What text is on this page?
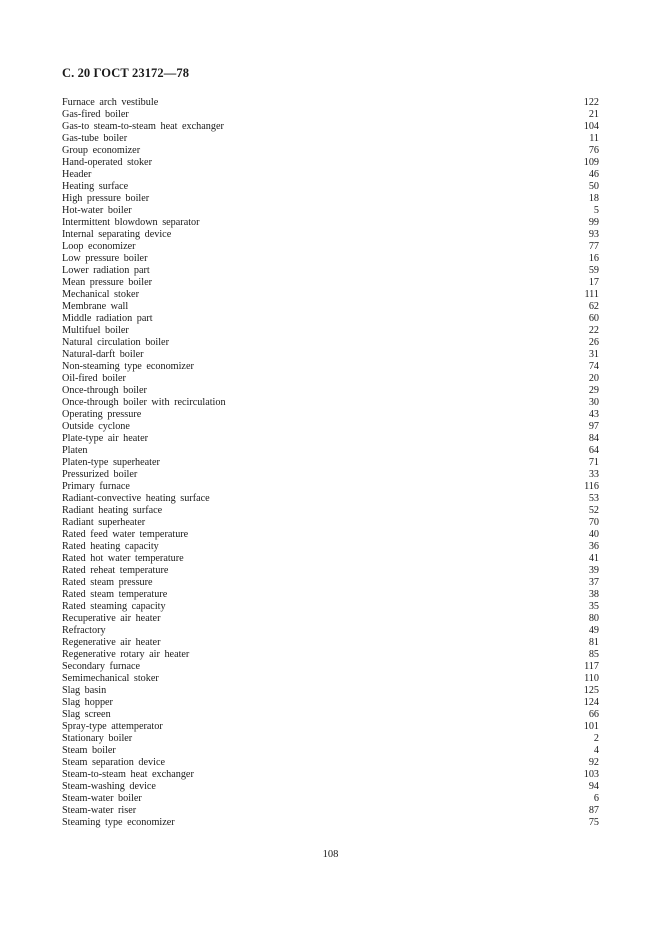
С. 20 ГОСТ 23172—78
Furnace arch vestibule	122
Gas-fired boiler	21
Gas-to steam-to-steam heat exchanger	104
Gas-tube boiler	11
Group economizer	76
Hand-operated stoker	109
Header	46
Heating surface	50
High pressure boiler	18
Hot-water boiler	5
Intermittent blowdown separator	99
Internal separating device	93
Loop economizer	77
Low pressure boiler	16
Lower radiation part	59
Mean pressure boiler	17
Mechanical stoker	111
Membrane wall	62
Middle radiation part	60
Multifuel boiler	22
Natural circulation boiler	26
Natural-darft boiler	31
Non-steaming type economizer	74
Oil-fired boiler	20
Once-through boiler	29
Once-through boiler with recirculation	30
Operating pressure	43
Outside cyclone	97
Plate-type air heater	84
Platen	64
Platen-type superheater	71
Pressurized boiler	33
Primary furnace	116
Radiant-convective heating surface	53
Radiant heating surface	52
Radiant superheater	70
Rated feed water temperature	40
Rated heating capacity	36
Rated hot water temperature	41
Rated reheat temperature	39
Rated steam pressure	37
Rated steam temperature	38
Rated steaming capacity	35
Recuperative air heater	80
Refractory	49
Regenerative air heater	81
Regenerative rotary air heater	85
Secondary furnace	117
Semimechanical stoker	110
Slag basin	125
Slag hopper	124
Slag screen	66
Spray-type attemperator	101
Stationary boiler	2
Steam boiler	4
Steam separation device	92
Steam-to-steam heat exchanger	103
Steam-washing device	94
Steam-water boiler	6
Steam-water riser	87
Steaming type economizer	75
108
